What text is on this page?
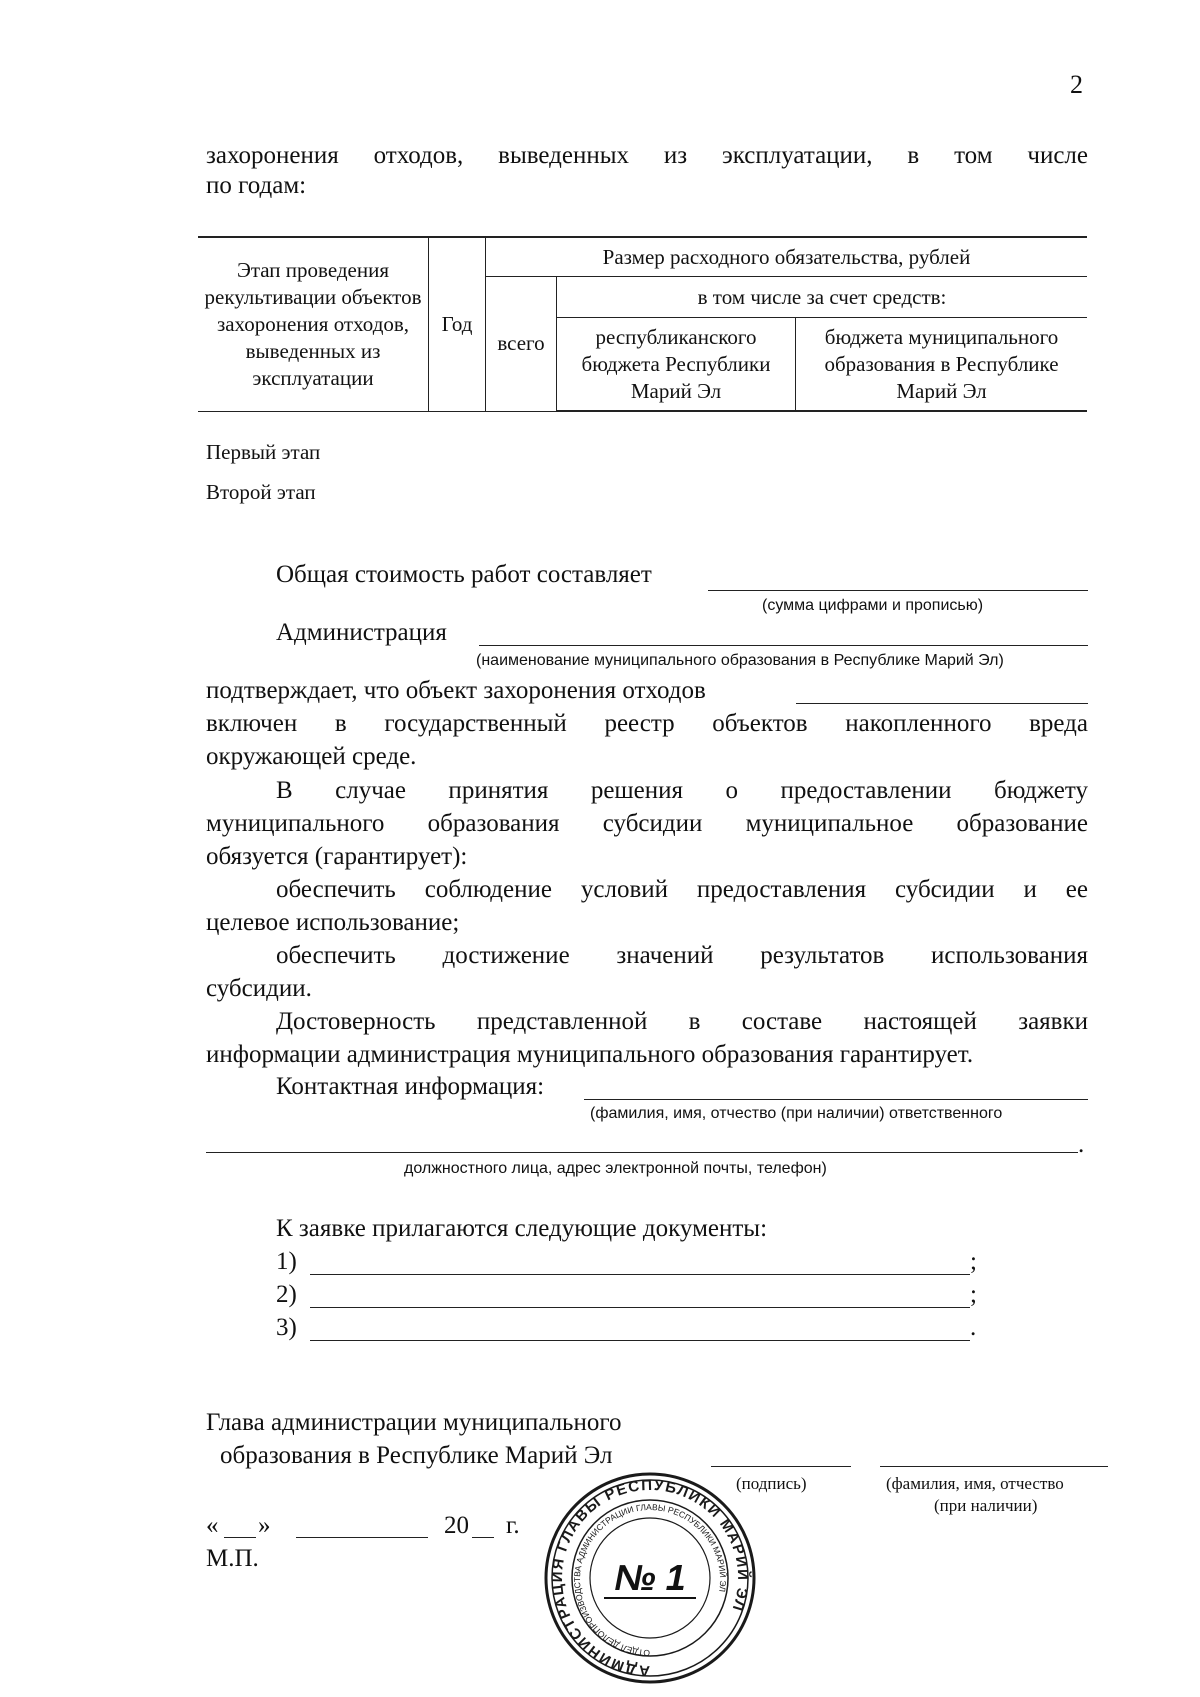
2
захоронения отходов, выведенных из эксплуатации, в том числе
по годам:
Этап проведения рекультивации объектов захоронения отходов, выведенных из эксплуатации	Год	Размер расходного обязательства, рублей		
		всего	в том числе за счет средств:	
			республиканского бюджета Республики Марий Эл	бюджета муниципального образования в Республике Марий Эл
Первый этап
Второй этап
Общая стоимость работ составляет
(сумма цифрами и прописью)
Администрация
(наименование муниципального образования в Республике Марий Эл)
подтверждает, что объект захоронения отходов
включен в государственный реестр объектов накопленного вреда
окружающей среде.
В случае принятия решения о предоставлении бюджету
муниципального образования субсидии муниципальное образование
обязуется (гарантирует):
обеспечить соблюдение условий предоставления субсидии и ее
целевое использование;
обеспечить достижение значений результатов использования
субсидии.
Достоверность представленной в составе настоящей заявки
информации администрация муниципального образования гарантирует.
Контактная информация:
(фамилия, имя, отчество (при наличии) ответственного
.
должностного лица, адрес электронной почты, телефон)
К заявке прилагаются следующие документы:
1)	;
2)	;
3)	.
Глава администрации муниципального
образования в Республике Марий Эл
(подпись)	(фамилия, имя, отчество
(при наличии)
« »	20 г.
М.П.
АДМИНИСТРАЦИЯ ГЛАВЫ РЕСПУБЛИКИ МАРИЙ ЭЛ
ОТДЕЛ ДЕЛОПРОИЗВОДСТВА АДМИНИСТРАЦИИ ГЛАВЫ РЕСПУБЛИКИ МАРИЙ ЭЛ
№ 1
